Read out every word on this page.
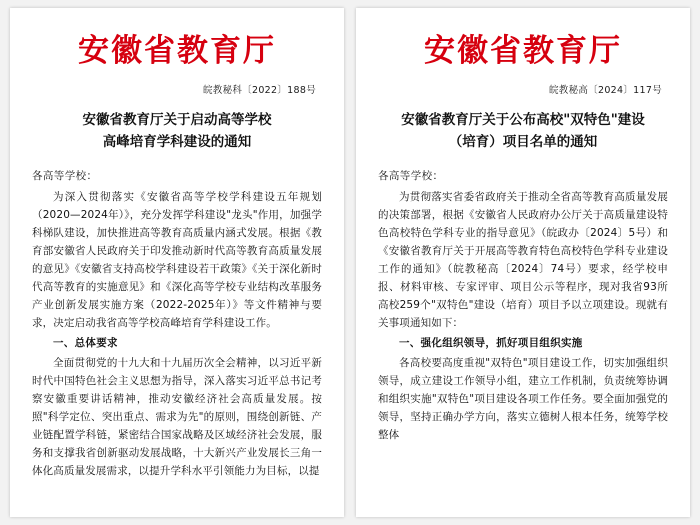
安徽省教育厅
皖教秘科〔2022〕188号
安徽省教育厅关于启动高等学校
高峰培育学科建设的通知
各高等学校：

为深入贯彻落实《安徽省高等学校学科建设五年规划（2020—2024年）》，充分发挥学科建设"龙头"作用，加强学科梯队建设，加快推进高等教育高质量内涵式发展。根据《教育部安徽省人民政府关于印发推动新时代高等教育高质量发展的意见》《安徽省支持高校学科建设若干政策》《关于深化新时代高等教育的实施意见》和《深化高等学校专业结构改革服务产业创新发展实施方案（2022-2025年）》等文件精神与要求，决定启动我省高等学校高峰培育学科建设工作。

一、总体要求

全面贯彻党的十九大和十九届历次全会精神，以习近平新时代中国特色社会主义思想为指导，深入落实习近平总书记考察安徽重要讲话精神，推动安徽经济社会高质量发展。按照"科学定位、突出重点、需求为先"的原则，围绕创新链、产业链配置学科链，紧密结合国家战略及区域经济社会发展，服务和支撑我省创新驱动发展战略，十大新兴产业发展长三角一体化高质量发展需求，以提升学科水平引领能力为目标，以提

安徽省教育厅
皖教秘高〔2024〕117号
安徽省教育厅关于公布高校"双特色"建设
（培育）项目名单的通知
各高等学校：

为贯彻落实省委省政府关于推动全省高等教育高质量发展的决策部署，根据《安徽省人民政府办公厅关于高质量建设特色高校特色学科专业的指导意见》（皖政办〔2024〕5号）和《安徽省教育厅关于开展高等教育特色高校特色学科专业建设工作的通知》（皖教秘高〔2024〕74号）要求，经学校申报、材料审核、专家评审、项目公示等程序，现对我省93所高校259个"双特色"建设（培育）项目予以立项建设。现就有关事项通知如下：

一、强化组织领导，抓好项目组织实施

各高校要高度重视"双特色"项目建设工作，切实加强组织领导，成立建设工作领导小组，建立工作机制，负责统筹协调和组织实施"双特色"项目建设各项工作任务。要全面加强党的领导，坚持正确办学方向，落实立德树人根本任务，统筹学校整体
